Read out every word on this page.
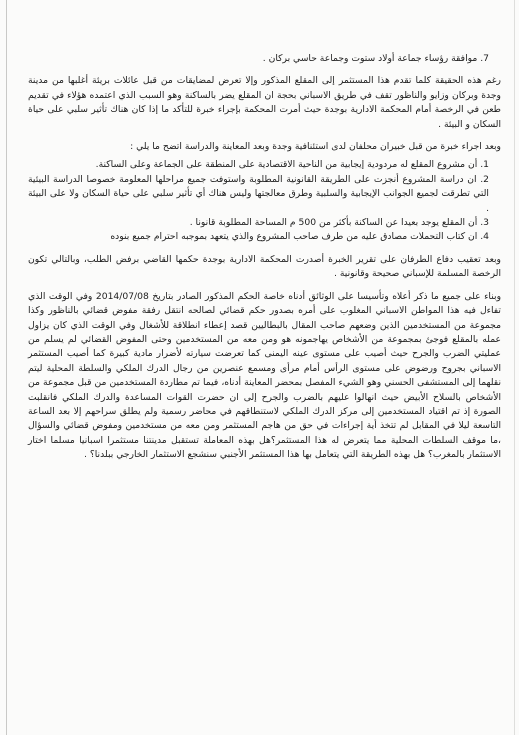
7. موافقة رؤساء جماعة أولاد ستوت وجماعة حاسي بركان .

رغم هذه الحقيقة كلما تقدم هذا المستثمر إلى المقلع المذكور وإلا تعرض لمضايقات من قبل عائلات بريئة أغلبها من مدينة وجدة وبركان وزايو والناظور تقف في طريق الاسباني بحجة ان المقلع يضر بالساكنة وهو السبب الذي اعتمده هؤلاء في تقديم طعن في الرخصة أمام المحكمة الادارية بوجدة حيث أمرت المحكمة بإجراء خبرة للتأكد ما إذا كان هناك تأثير سلبي على حياة السكان و البيئة .

وبعد اجراء خبرة من قبل خبيران محلفان لدى استئنافية وجدة وبعد المعاينة والدراسة اتضح ما يلي :

1. أن مشروع المقلع له مردودية إيجابية من الناحية الاقتصادية على المنطقة على الجماعة وعلى الساكنة.
2. ان دراسة المشروع أنجزت على الطريقة القانونية المطلوبة واستوفت جميع مراحلها المعلومة خصوصا الدراسة البيئية التي تطرقت لجميع الجوانب الإيجابية والسلبية وطرق معالجتها وليس هناك أي تأثير سلبي على حياة السكان ولا على البيئة .
3. أن المقلع يوجد بعيدا عن الساكنة بأكثر من 500 م المساحة المطلوبة قانونا .
4. ان كتاب التحملات مصادق عليه من طرف صاحب المشروع والذي يتعهد بموجبه احترام جميع بنوده

وبعد تعقيب دفاع الطرفان على تقرير الخبرة أصدرت المحكمة الادارية بوجدة حكمها القاضي برفض الطلب، وبالتالي تكون الرخصة المسلمة للإسباني صحيحة وقانونية .

وبناء على جميع ما ذكر أعلاه وتأسيسا على الوثائق أدناه خاصة الحكم المذكور الصادر بتاريخ 2014/07/08 وفي الوقت الذي تفاءل فيه هذا المواطن الاسباني المغلوب على أمره بصدور حكم قضائي لصالحه انتقل رفقة مفوض قضائي بالناظور وكذا مجموعة من المستخدمين الذين وضعهم صاحب المقال بالبطاليين قصد إعطاء انطلاقة للأشغال وفي الوقت الذي كان يزاول عمله بالمقلع فوجئ بمجموعة من الأشخاص يهاجمونه هو ومن معه من المستخدمين وحتى المفوض القضائي لم يسلم من عمليتي الضرب والجرح حيث أصيب على مستوى عينه اليمنى كما تعرضت سيارته لأضرار مادية كبيرة كما أصيب المستثمر الاسباني بجروح ورضوض على مستوى الرأس أمام مرأى ومسمع عنصرين من رجال الدرك الملكي والسلطة المحلية ليتم نقلهما إلى المستشفى الحسني وهو الشيء المفصل بمحضر المعاينة أدناه، فيما تم مطاردة المستخدمين من قبل مجموعة من الأشخاص بالسلاح الأبيض حيث انهالوا عليهم بالضرب والجرح إلى ان حضرت القوات المساعدة والدرك الملكي فانقلبت الصورة إذ تم اقتياد المستخدمين إلى مركز الدرك الملكي لاستنطاقهم في محاضر رسمية ولم يطلق سراحهم إلا بعد الساعة التاسعة ليلا في المقابل لم تتخذ أية إجراءات في حق من هاجم المستثمر ومن معه من مستخدمين ومفوض قضائي والسؤال ،ما موقف السلطات المحلية مما يتعرض له هذا المستثمر؟هل بهذه المعاملة تستقبل مدينتنا مستثمرا اسبانيا مسلما اختار الاستثمار بالمغرب؟ هل بهذه الطريقة التي يتعامل بها هذا المستثمر الأجنبي سنشجع الاستثمار الخارجي ببلدنا؟ .
